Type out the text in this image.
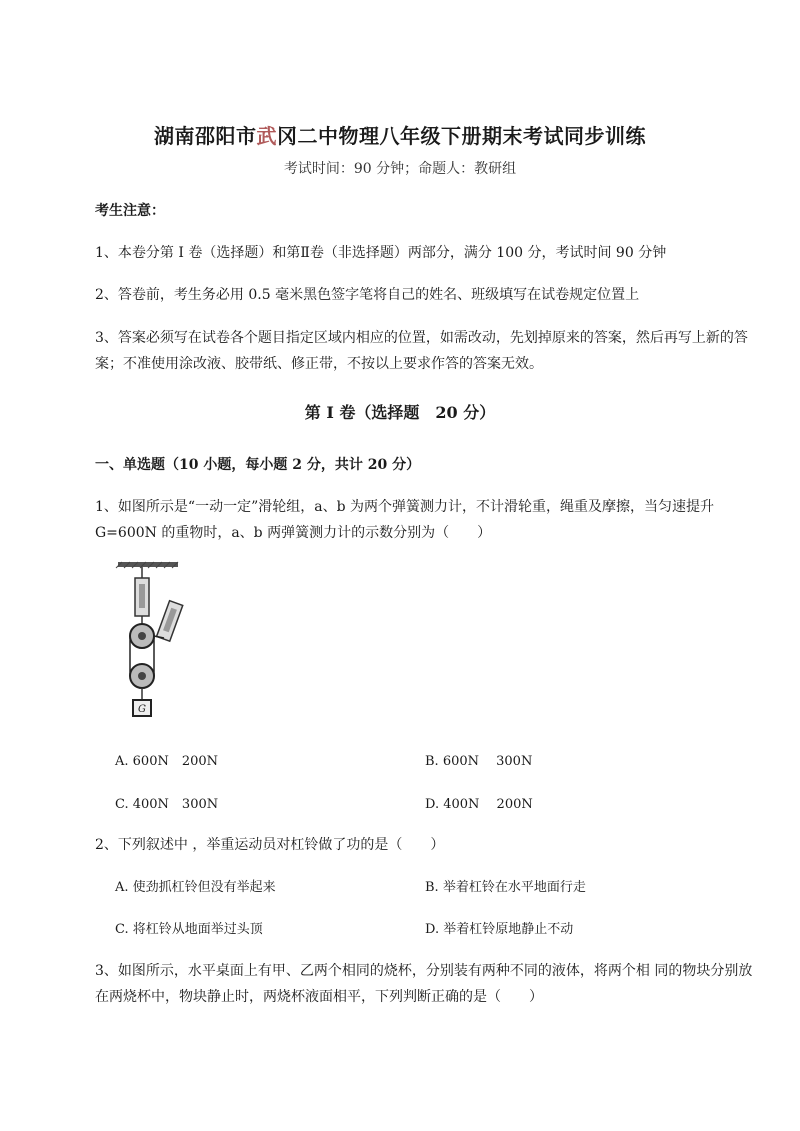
湖南邵阳市武冈二中物理八年级下册期末考试同步训练
考试时间：90 分钟；命题人：教研组
考生注意：
1、本卷分第 I 卷（选择题）和第Ⅱ卷（非选择题）两部分，满分 100 分，考试时间 90 分钟
2、答卷前，考生务必用 0.5 毫米黑色签字笔将自己的姓名、班级填写在试卷规定位置上
3、答案必须写在试卷各个题目指定区域内相应的位置，如需改动，先划掉原来的答案，然后再写上新的答案；不准使用涂改液、胶带纸、修正带，不按以上要求作答的答案无效。
第 I 卷（选择题　20 分）
一、单选题（10 小题，每小题 2 分，共计 20 分）
1、如图所示是“一动一定”滑轮组，a、b 为两个弹簧测力计，不计滑轮重，绳重及摩擦，当匀速提升 G=600N 的重物时，a、b 两弹簧测力计的示数分别为（　　）
G
A. 600N　200N	B. 600N　 300N
C. 400N　300N	D. 400N　 200N
2、下列叙述中 ，举重运动员对杠铃做了功的是（　　）
A. 使劲抓杠铃但没有举起来	B. 举着杠铃在水平地面行走
C. 将杠铃从地面举过头顶	D. 举着杠铃原地静止不动
3、如图所示，水平桌面上有甲、乙两个相同的烧杯，分别装有两种不同的液体，将两个相 同的物块分别放在两烧杯中，物块静止时，两烧杯液面相平，下列判断正确的是（　　）
